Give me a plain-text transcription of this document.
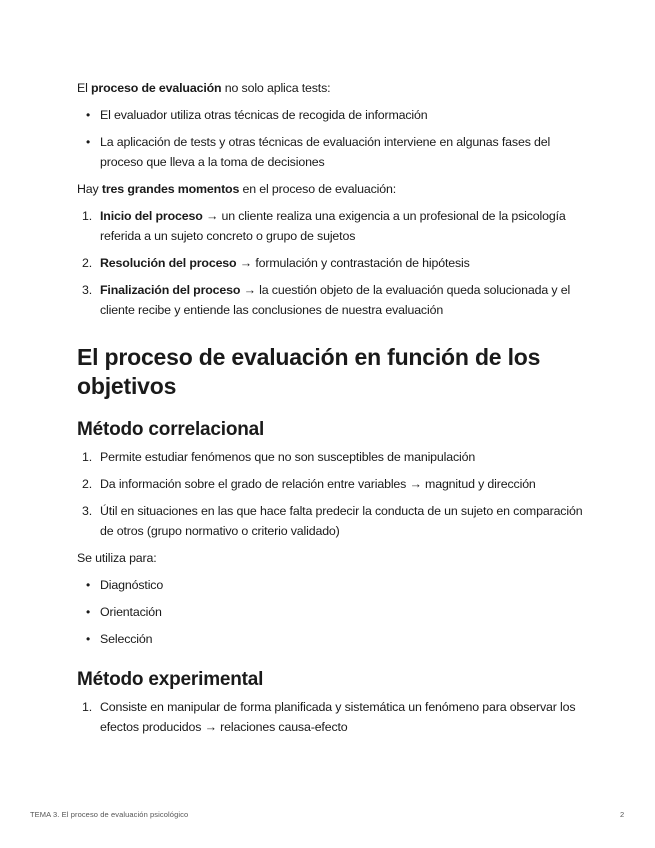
El proceso de evaluación no solo aplica tests:

• El evaluador utiliza otras técnicas de recogida de información
• La aplicación de tests y otras técnicas de evaluación interviene en algunas fases del proceso que lleva a la toma de decisiones

Hay tres grandes momentos en el proceso de evaluación:

1. Inicio del proceso → un cliente realiza una exigencia a un profesional de la psicología referida a un sujeto concreto o grupo de sujetos
2. Resolución del proceso → formulación y contrastación de hipótesis
3. Finalización del proceso → la cuestión objeto de la evaluación queda solucionada y el cliente recibe y entiende las conclusiones de nuestra evaluación
El proceso de evaluación en función de los objetivos
Método correlacional
1. Permite estudiar fenómenos que no son susceptibles de manipulación
2. Da información sobre el grado de relación entre variables → magnitud y dirección
3. Útil en situaciones en las que hace falta predecir la conducta de un sujeto en comparación de otros (grupo normativo o criterio validado)

Se utiliza para:

• Diagnóstico
• Orientación
• Selección
Método experimental
1. Consiste en manipular de forma planificada y sistemática un fenómeno para observar los efectos producidos → relaciones causa-efecto
TEMA 3. El proceso de evaluación psicológico	2
